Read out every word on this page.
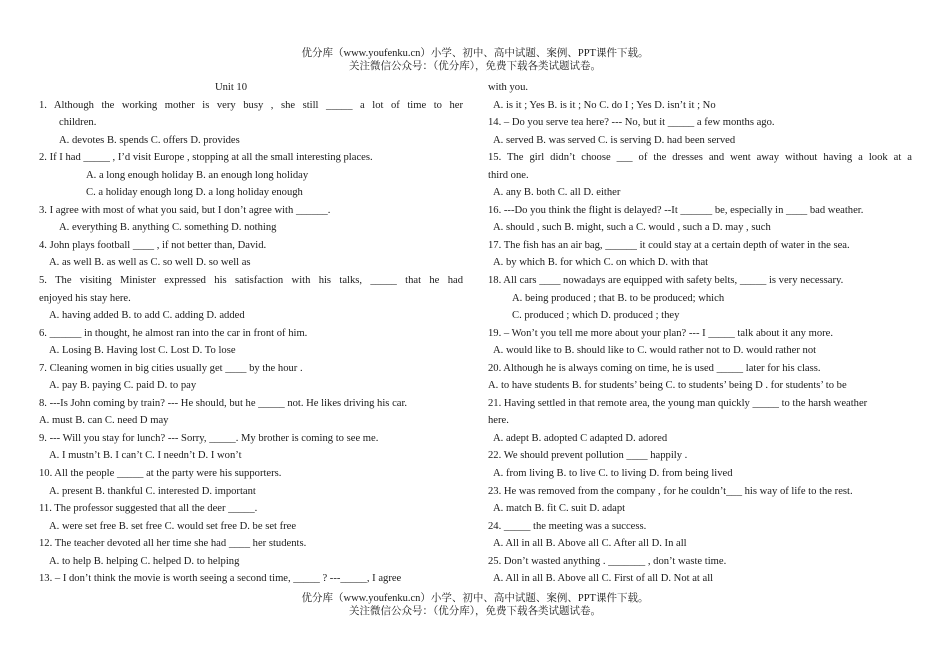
优分库（www.youfenku.cn）小学、初中、高中试题、案例、PPT课件下载。
关注微信公众号：（优分库），免费下载各类试题试卷。
Unit 10
1. Although the working mother is very busy , she still _____ a lot of time to her
children.
A. devotes B. spends C. offers D. provides
2. If I had _____ , I’d visit Europe , stopping at all the small interesting places.
A. a long enough holiday B. an enough long holiday
C. a holiday enough long D. a long holiday enough
3. I agree with most of what you said, but I don’t agree with ______.
A. everything B. anything C. something D. nothing
4. John plays football ____ , if not better than, David.
A. as well B. as well as C. so well D. so well as
5. The visiting Minister expressed his satisfaction with his talks, _____ that he had
enjoyed his stay here.
A. having added B. to add C. adding D. added
6. ______ in thought, he almost ran into the car in front of him.
A. Losing B. Having lost C. Lost D. To lose
7. Cleaning women in big cities usually get ____ by the hour .
A. pay B. paying C. paid D. to pay
8. ---Is John coming by train? --- He should, but he _____ not. He likes driving his car.
A. must B. can C. need D may
9. --- Will you stay for lunch? --- Sorry, _____. My brother is coming to see me.
A. I mustn’t B. I can’t C. I needn’t D. I won’t
10. All the people _____ at the party were his supporters.
A. present B. thankful C. interested D. important
11. The professor suggested that all the deer _____.
A. were set free B. set free C. would set free D. be set free
12. The teacher devoted all her time she had ____ her students.
A. to help B. helping C. helped D. to helping
13. – I don’t think the movie is worth seeing a second time, _____ ? ---_____, I agree
with you.
A. is it ; Yes B. is it ; No C. do I ; Yes D. isn’t it ; No
14. – Do you serve tea here? --- No, but it _____ a few months ago.
A. served B. was served C. is serving D. had been served
15. The girl didn’t choose ___ of the dresses and went away without having a look at a
third one.
A. any B. both C. all D. either
16. ---Do you think the flight is delayed? --It ______ be, especially in ____ bad weather.
A. should , such B. might, such a C. would , such a D. may , such
17. The fish has an air bag, ______ it could stay at a certain depth of water in the sea.
A. by which B. for which C. on which D. with that
18. All cars ____ nowadays are equipped with safety belts, _____ is very necessary.
A. being produced ; that B. to be produced; which
C. produced ; which D. produced ; they
19. – Won’t you tell me more about your plan? --- I _____ talk about it any more.
A. would like to B. should like to C. would rather not to D. would rather not
20. Although he is always coming on time, he is used _____ later for his class.
A. to have students B. for students’ being C. to students’ being D . for students’ to be
21. Having settled in that remote area, the young man quickly _____ to the harsh weather
here.
A. adept B. adopted C adapted D. adored
22. We should prevent pollution ____ happily .
A. from living B. to live C. to living D. from being lived
23. He was removed from the company , for he couldn’t___ his way of life to the rest.
A. match B. fit C. suit D. adapt
24. _____ the meeting was a success.
A. All in all B. Above all C. After all D. In all
25. Don’t wasted anything . _______ , don’t waste time.
A. All in all B. Above all C. First of all D. Not at all
优分库（www.youfenku.cn）小学、初中、高中试题、案例、PPT课件下载。
关注微信公众号：（优分库），免费下载各类试题试卷。
